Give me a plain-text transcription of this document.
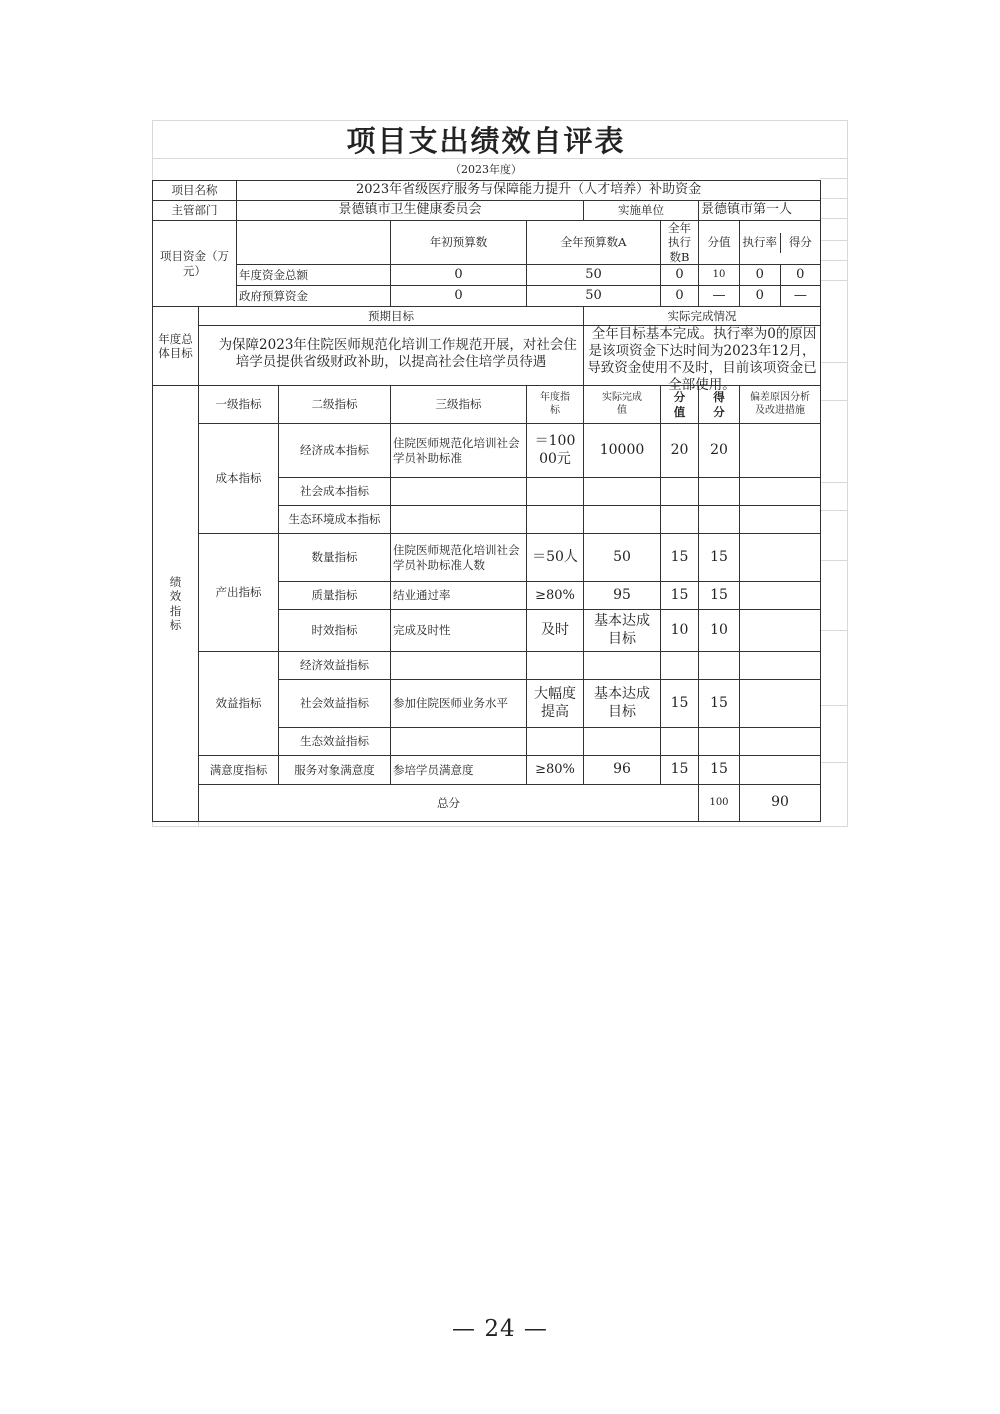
项目支出绩效自评表
（2023年度）
项目名称		2023年省级医疗服务与保障能力提升（人才培养）补助资金								
主管部门		景德镇市卫生健康委员会				实施单位		景德镇市第一人		
项目资金（万元）				年初预算数	全年预算数A		全年执行数B	分值	执行率 得分	

		年度资金总额		0	50		0	10	0 0	

		政府预算资金		0	50		0	—	0 —	

年度总体目标	预期目标					实际完成情况				

	为保障2023年住院医师规范化培训工作规范开展，对社会住培学员提供省级财政补助，以提高社会住培学员待遇					全年目标基本完成。执行率为0的原因是该项资金下达时间为2023年12月，导致资金使用不及时，目前该项资金已全部使用。				

绩效指标	一级指标		二级指标	三级指标	年度指标	实际完成值	分值	得分	偏差原因分析及改进措施	

	成本指标		经济成本指标	住院医师规范化培训社会学员补助标准	＝10000元	10000	20	20		
			社会成本指标							
			生态环境成本指标							
	产出指标		数量指标	住院医师规范化培训社会学员补助标准人数	＝50人	50	15	15		
			质量指标	结业通过率	≥80%	95	15	15		
			时效指标	完成及时性	及时	基本达成目标	10	10		
	效益指标		经济效益指标							
			社会效益指标	参加住院医师业务水平	大幅度提高	基本达成目标	15	15		
			生态效益指标							
	满意度指标		服务对象满意度	参培学员满意度	≥80%	96	15	15		
	总分							100	90	
— 24 —
